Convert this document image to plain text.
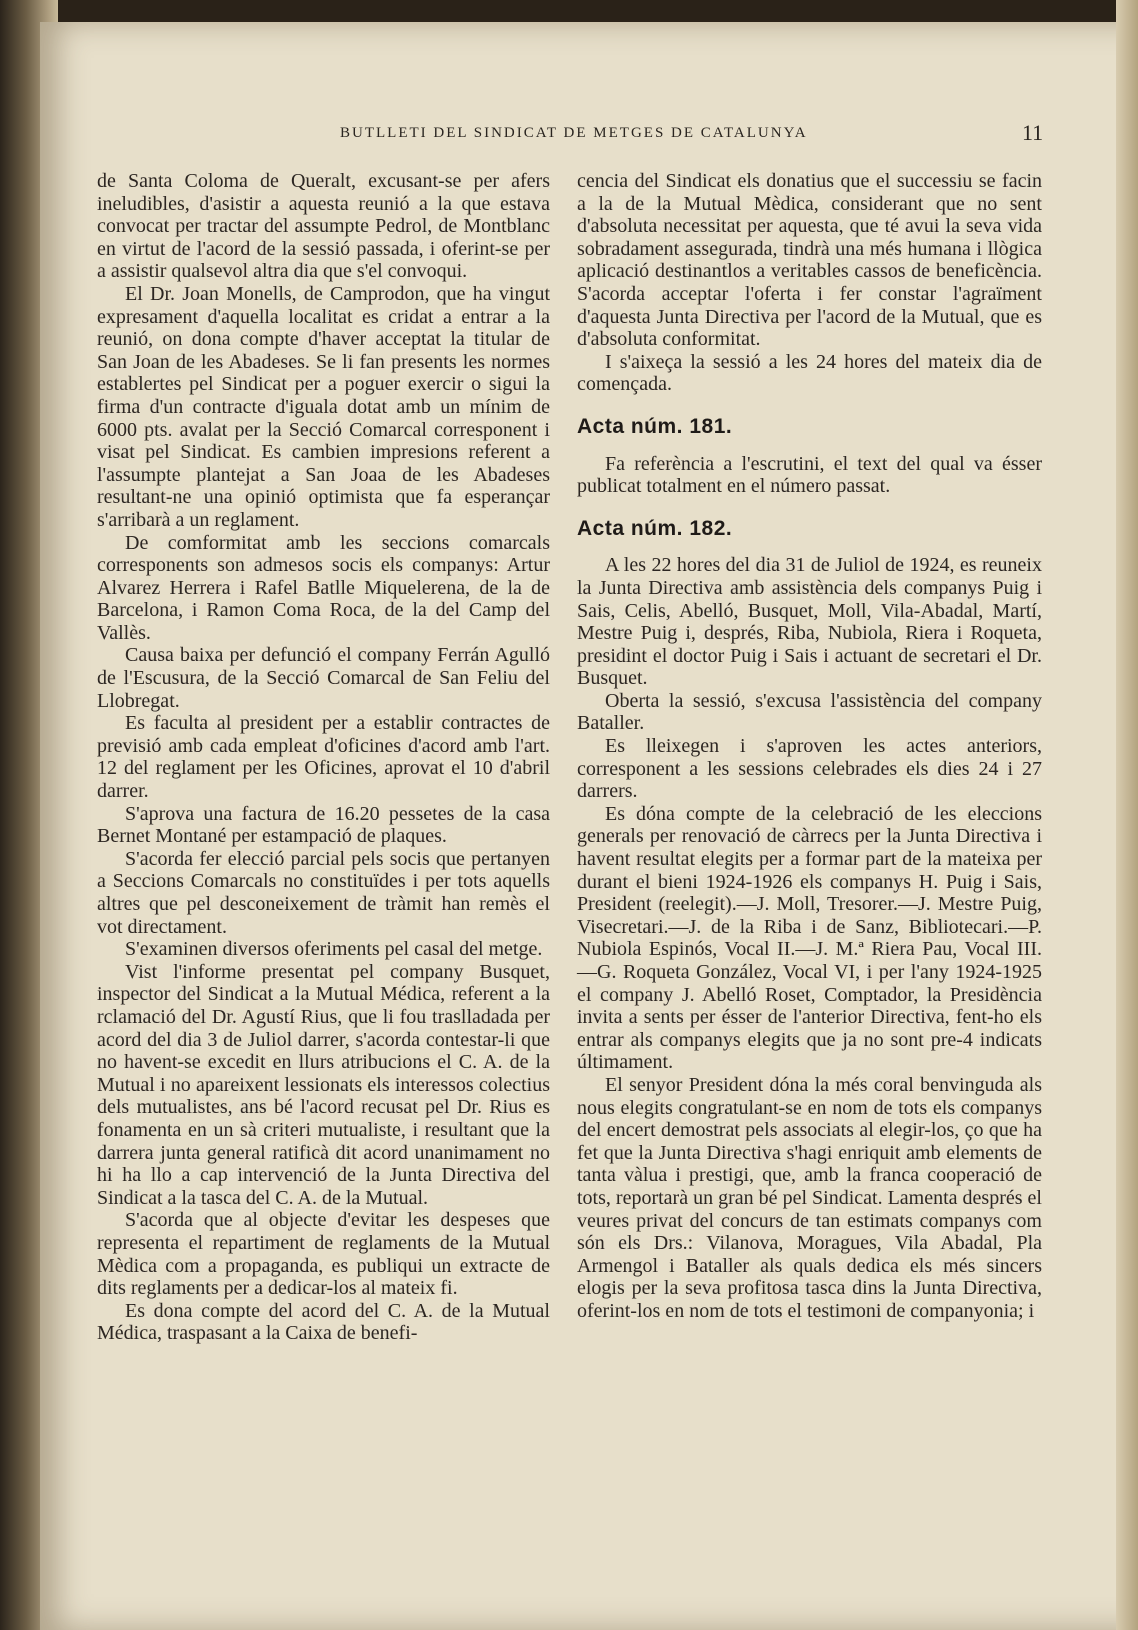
BUTLLETI DEL SINDICAT DE METGES DE CATALUNYA	11

de Santa Coloma de Queralt, excusant-se per afers ineludibles, d'asistir a aquesta reunió a la que estava convocat per tractar del assumpte Pedrol, de Montblanc en virtut de l'acord de la sessió passada, i oferint-se per a assistir qualsevol altra dia que s'el convoqui.

El Dr. Joan Monells, de Camprodon, que ha vingut expresament d'aquella localitat es cridat a entrar a la reunió, on dona compte d'haver acceptat la titular de San Joan de les Abadeses. Se li fan presents les normes establertes pel Sindicat per a poguer exercir o sigui la firma d'un contracte d'iguala dotat amb un mínim de 6000 pts. avalat per la Secció Comarcal corresponent i visat pel Sindicat. Es cambien impresions referent a l'assumpte plantejat a San Joaa de les Abadeses resultant-ne una opinió optimista que fa esperançar s'arribarà a un reglament.

De comformitat amb les seccions comarcals corresponents son admesos socis els companys: Artur Alvarez Herrera i Rafel Batlle Miquelerena, de la de Barcelona, i Ramon Coma Roca, de la del Camp del Vallès.

Causa baixa per defunció el company Ferrán Agulló de l'Escusura, de la Secció Comarcal de San Feliu del Llobregat.

Es faculta al president per a establir contractes de previsió amb cada empleat d'oficines d'acord amb l'art. 12 del reglament per les Oficines, aprovat el 10 d'abril darrer.

S'aprova una factura de 16.20 pessetes de la casa Bernet Montané per estampació de plaques.

S'acorda fer elecció parcial pels socis que pertanyen a Seccions Comarcals no constituïdes i per tots aquells altres que pel desconeixement de tràmit han remès el vot directament.

S'examinen diversos oferiments pel casal del metge.

Vist l'informe presentat pel company Busquet, inspector del Sindicat a la Mutual Médica, referent a la rclamació del Dr. Agustí Rius, que li fou traslladada per acord del dia 3 de Juliol darrer, s'acorda contestar-li que no havent-se excedit en llurs atribucions el C. A. de la Mutual i no apareixent lessionats els interessos colectius dels mutualistes, ans bé l'acord recusat pel Dr. Rius es fonamenta en un sà criteri mutualiste, i resultant que la darrera junta general ratificà dit acord unanimament no hi ha llo a cap intervenció de la Junta Directiva del Sindicat a la tasca del C. A. de la Mutual.

S'acorda que al objecte d'evitar les despeses que representa el repartiment de reglaments de la Mutual Mèdica com a propaganda, es publiqui un extracte de dits reglaments per a dedicar-los al mateix fi.

Es dona compte del acord del C. A. de la Mutual Médica, traspasant a la Caixa de benefi-

cencia del Sindicat els donatius que el successiu se facin a la de la Mutual Mèdica, considerant que no sent d'absoluta necessitat per aquesta, que té avui la seva vida sobradament assegurada, tindrà una més humana i llògica aplicació destinantlos a veritables cassos de beneficència. S'acorda acceptar l'oferta i fer constar l'agraïment d'aquesta Junta Directiva per l'acord de la Mutual, que es d'absoluta conformitat.

I s'aixeça la sessió a les 24 hores del mateix dia de començada.

Acta núm. 181.

Fa referència a l'escrutini, el text del qual va ésser publicat totalment en el número passat.

Acta núm. 182.

A les 22 hores del dia 31 de Juliol de 1924, es reuneix la Junta Directiva amb assistència dels companys Puig i Sais, Celis, Abelló, Busquet, Moll, Vila-Abadal, Martí, Mestre Puig i, després, Riba, Nubiola, Riera i Roqueta, presidint el doctor Puig i Sais i actuant de secretari el Dr. Busquet.

Oberta la sessió, s'excusa l'assistència del company Bataller.

Es lleixegen i s'aproven les actes anteriors, corresponent a les sessions celebrades els dies 24 i 27 darrers.

Es dóna compte de la celebració de les eleccions generals per renovació de càrrecs per la Junta Directiva i havent resultat elegits per a formar part de la mateixa per durant el bieni 1924-1926 els companys H. Puig i Sais, President (reelegit).—J. Moll, Tresorer.—J. Mestre Puig, Visecretari.—J. de la Riba i de Sanz, Bibliotecari.—P. Nubiola Espinós, Vocal II.—J. M.ª Riera Pau, Vocal III.—G. Roqueta González, Vocal VI, i per l'any 1924-1925 el company J. Abelló Roset, Comptador, la Presidència invita a sents per ésser de l'anterior Directiva, fent-ho els entrar als companys elegits que ja no sont pre-4 indicats últimament.

El senyor President dóna la més coral benvinguda als nous elegits congratulant-se en nom de tots els companys del encert demostrat pels associats al elegir-los, ço que ha fet que la Junta Directiva s'hagi enriquit amb elements de tanta vàlua i prestigi, que, amb la franca cooperació de tots, reportarà un gran bé pel Sindicat. Lamenta després el veures privat del concurs de tan estimats companys com són els Drs.: Vilanova, Moragues, Vila Abadal, Pla Armengol i Bataller als quals dedica els més sincers elogis per la seva profitosa tasca dins la Junta Directiva, oferint-los en nom de tots el testimoni de companyonia; i
